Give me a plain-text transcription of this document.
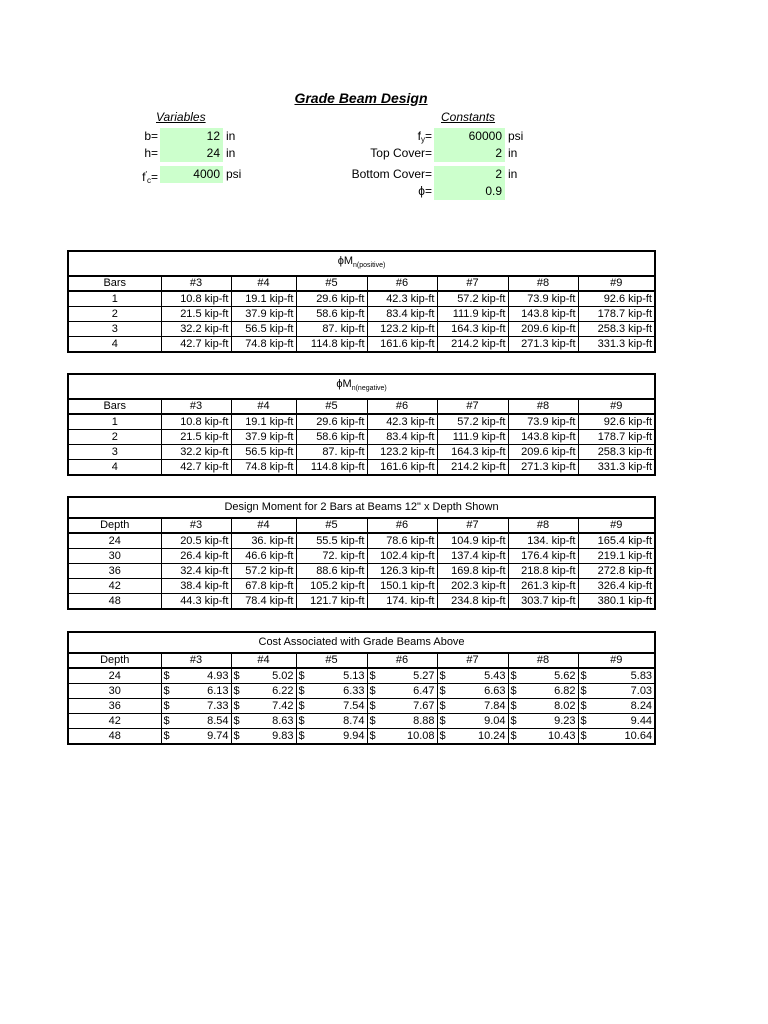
Grade Beam Design
Variables
b=	12 in
h=	24 in
$f'_c=$	4000 psi
Constants
$f_y=$	60000 psi
Top Cover=	2 in
Bottom Cover=	2 in
ϕ=	0.9
$\phi M_{n(positive)}$
Bars	#3	#4	#5	#6	#7	#8	#9
1	10.8 kip-ft	19.1 kip-ft	29.6 kip-ft	42.3 kip-ft	57.2 kip-ft	73.9 kip-ft	92.6 kip-ft
2	21.5 kip-ft	37.9 kip-ft	58.6 kip-ft	83.4 kip-ft	111.9 kip-ft	143.8 kip-ft	178.7 kip-ft
3	32.2 kip-ft	56.5 kip-ft	87. kip-ft	123.2 kip-ft	164.3 kip-ft	209.6 kip-ft	258.3 kip-ft
4	42.7 kip-ft	74.8 kip-ft	114.8 kip-ft	161.6 kip-ft	214.2 kip-ft	271.3 kip-ft	331.3 kip-ft
$\phi M_{n(negative)}$
Bars	#3	#4	#5	#6	#7	#8	#9
1	10.8 kip-ft	19.1 kip-ft	29.6 kip-ft	42.3 kip-ft	57.2 kip-ft	73.9 kip-ft	92.6 kip-ft
2	21.5 kip-ft	37.9 kip-ft	58.6 kip-ft	83.4 kip-ft	111.9 kip-ft	143.8 kip-ft	178.7 kip-ft
3	32.2 kip-ft	56.5 kip-ft	87. kip-ft	123.2 kip-ft	164.3 kip-ft	209.6 kip-ft	258.3 kip-ft
4	42.7 kip-ft	74.8 kip-ft	114.8 kip-ft	161.6 kip-ft	214.2 kip-ft	271.3 kip-ft	331.3 kip-ft
Design Moment for 2 Bars at Beams 12" x Depth Shown							
Depth	#3	#4	#5	#6	#7	#8	#9
24	20.5 kip-ft	36. kip-ft	55.5 kip-ft	78.6 kip-ft	104.9 kip-ft	134. kip-ft	165.4 kip-ft
30	26.4 kip-ft	46.6 kip-ft	72. kip-ft	102.4 kip-ft	137.4 kip-ft	176.4 kip-ft	219.1 kip-ft
36	32.4 kip-ft	57.2 kip-ft	88.6 kip-ft	126.3 kip-ft	169.8 kip-ft	218.8 kip-ft	272.8 kip-ft
42	38.4 kip-ft	67.8 kip-ft	105.2 kip-ft	150.1 kip-ft	202.3 kip-ft	261.3 kip-ft	326.4 kip-ft
48	44.3 kip-ft	78.4 kip-ft	121.7 kip-ft	174. kip-ft	234.8 kip-ft	303.7 kip-ft	380.1 kip-ft
Cost Associated with Grade Beams Above							
Depth	#3	#4	#5	#6	#7	#8	#9
24	$ 4.93	$ 5.02	$ 5.13	$ 5.27	$ 5.43	$ 5.62	$ 5.83

30	$ 6.13	$ 6.22	$ 6.33	$ 6.47	$ 6.63	$ 6.82	$ 7.03

36	$ 7.33	$ 7.42	$ 7.54	$ 7.67	$ 7.84	$ 8.02	$ 8.24

42	$ 8.54	$ 8.63	$ 8.74	$ 8.88	$ 9.04	$ 9.23	$ 9.44

48	$ 9.74	$ 9.83	$ 9.94	$ 10.08	$ 10.24	$ 10.43	$ 10.64
